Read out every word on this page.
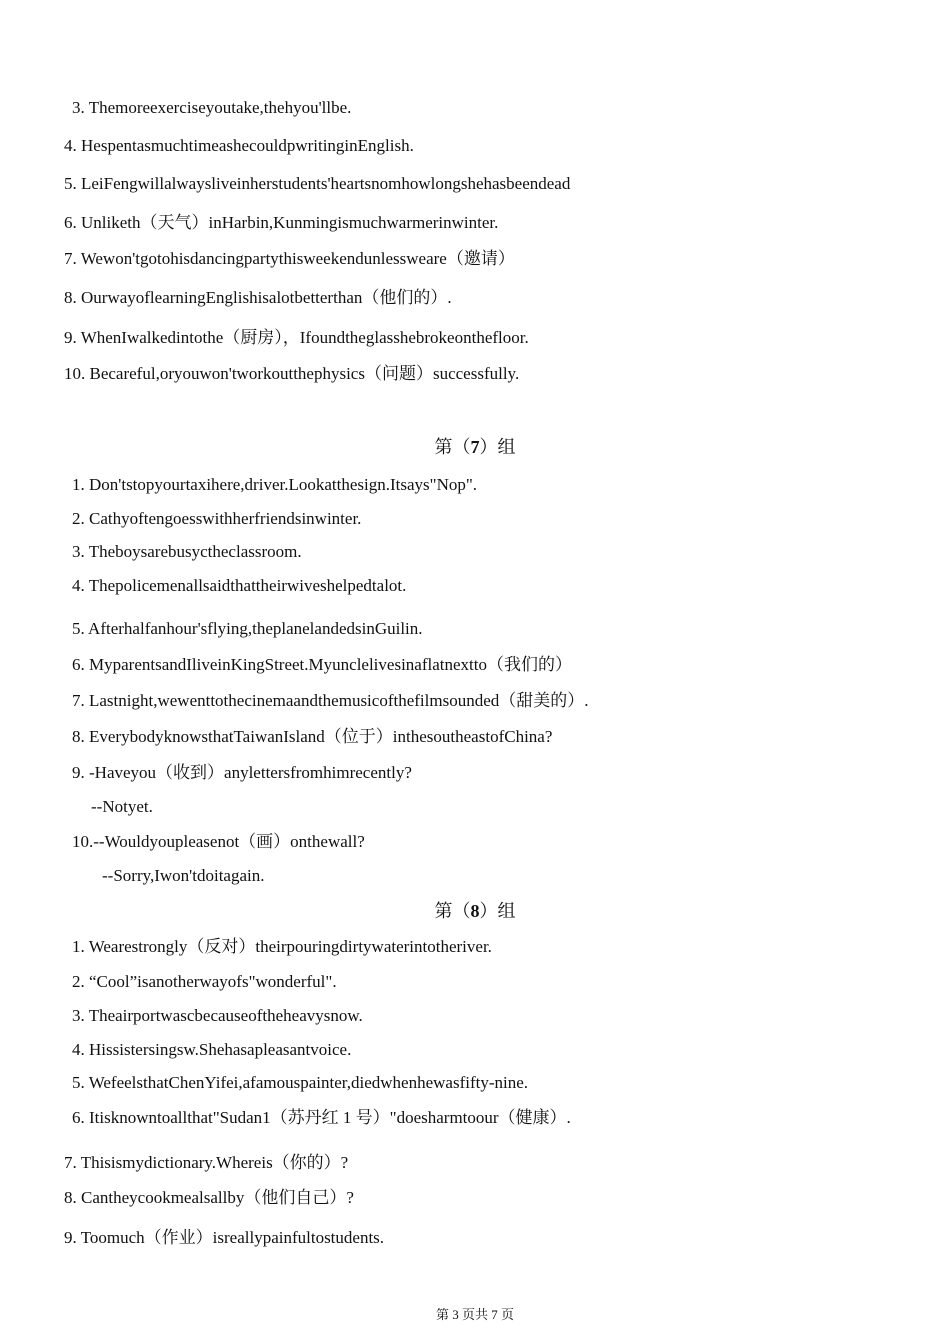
3. Themoreexerciseyoutake,thehyou'llbe.
4. HespentasmuchtimeashecouldpwritinginEnglish.
5. LeiFengwillalwaysliveinherstudents'heartsnomhowlongshehasbeendead
6. Unliketh（天气）inHarbin,Kunmingismuchwarmerinwinter.
7. Wewon'tgotohisdancingpartythisweekendunlessweare（邀请）
8. OurwayoflearningEnglishisalotbetterthan（他们的）.
9. WhenIwalkedintothe（厨房），Ifoundtheglasshebrokeonthefloor.
10. Becareful,oryouwon'tworkoutthephysics（问题）successfully.
第（7）组
1. Don'tstopyourtaxihere,driver.Lookatthesign.Itsays"Nop".
2. Cathyoftengoesswithherfriendsinwinter.
3. Theboysarebusyctheclassroom.
4. Thepolicemenallsaidthattheirwiveshelpedtalot.
5. Afterhalfanhour'sflying,theplanelandedsinGuilin.
6. MyparentsandIliveinKingStreet.Myunclelivesinaflatnextto（我们的）
7. Lastnight,wewenttothecinemaandthemusicofthefilmsounded（甜美的）.
8. EverybodyknowsthatTaiwanIsland（位于）inthesoutheastofChina?
9. -Haveyou（收到）anylettersfromhimrecently?
--Notyet.
10.--Wouldyoupleasenot（画）onthewall?
--Sorry,Iwon'tdoitagain.
第（8）组
1. Wearestrongly（反对）theirpouringdirtywaterintotheriver.
2. “Cool”isanotherwayofs"wonderful".
3. Theairportwascbecauseoftheheavysnow.
4. Hissistersingsw.Shehasapleasantvoice.
5. WefeelsthatChenYifei,afamouspainter,diedwhenhewasfifty-nine.
6. Itisknowntoallthat"Sudan1（苏丹红 1 号）"doesharmtoour（健康）.
7. Thisismydictionary.Whereis（你的）?
8. Cantheycookmealsallby（他们自己）?
9. Toomuch（作业）isreallypainfultostudents.
第 3 页共 7 页
